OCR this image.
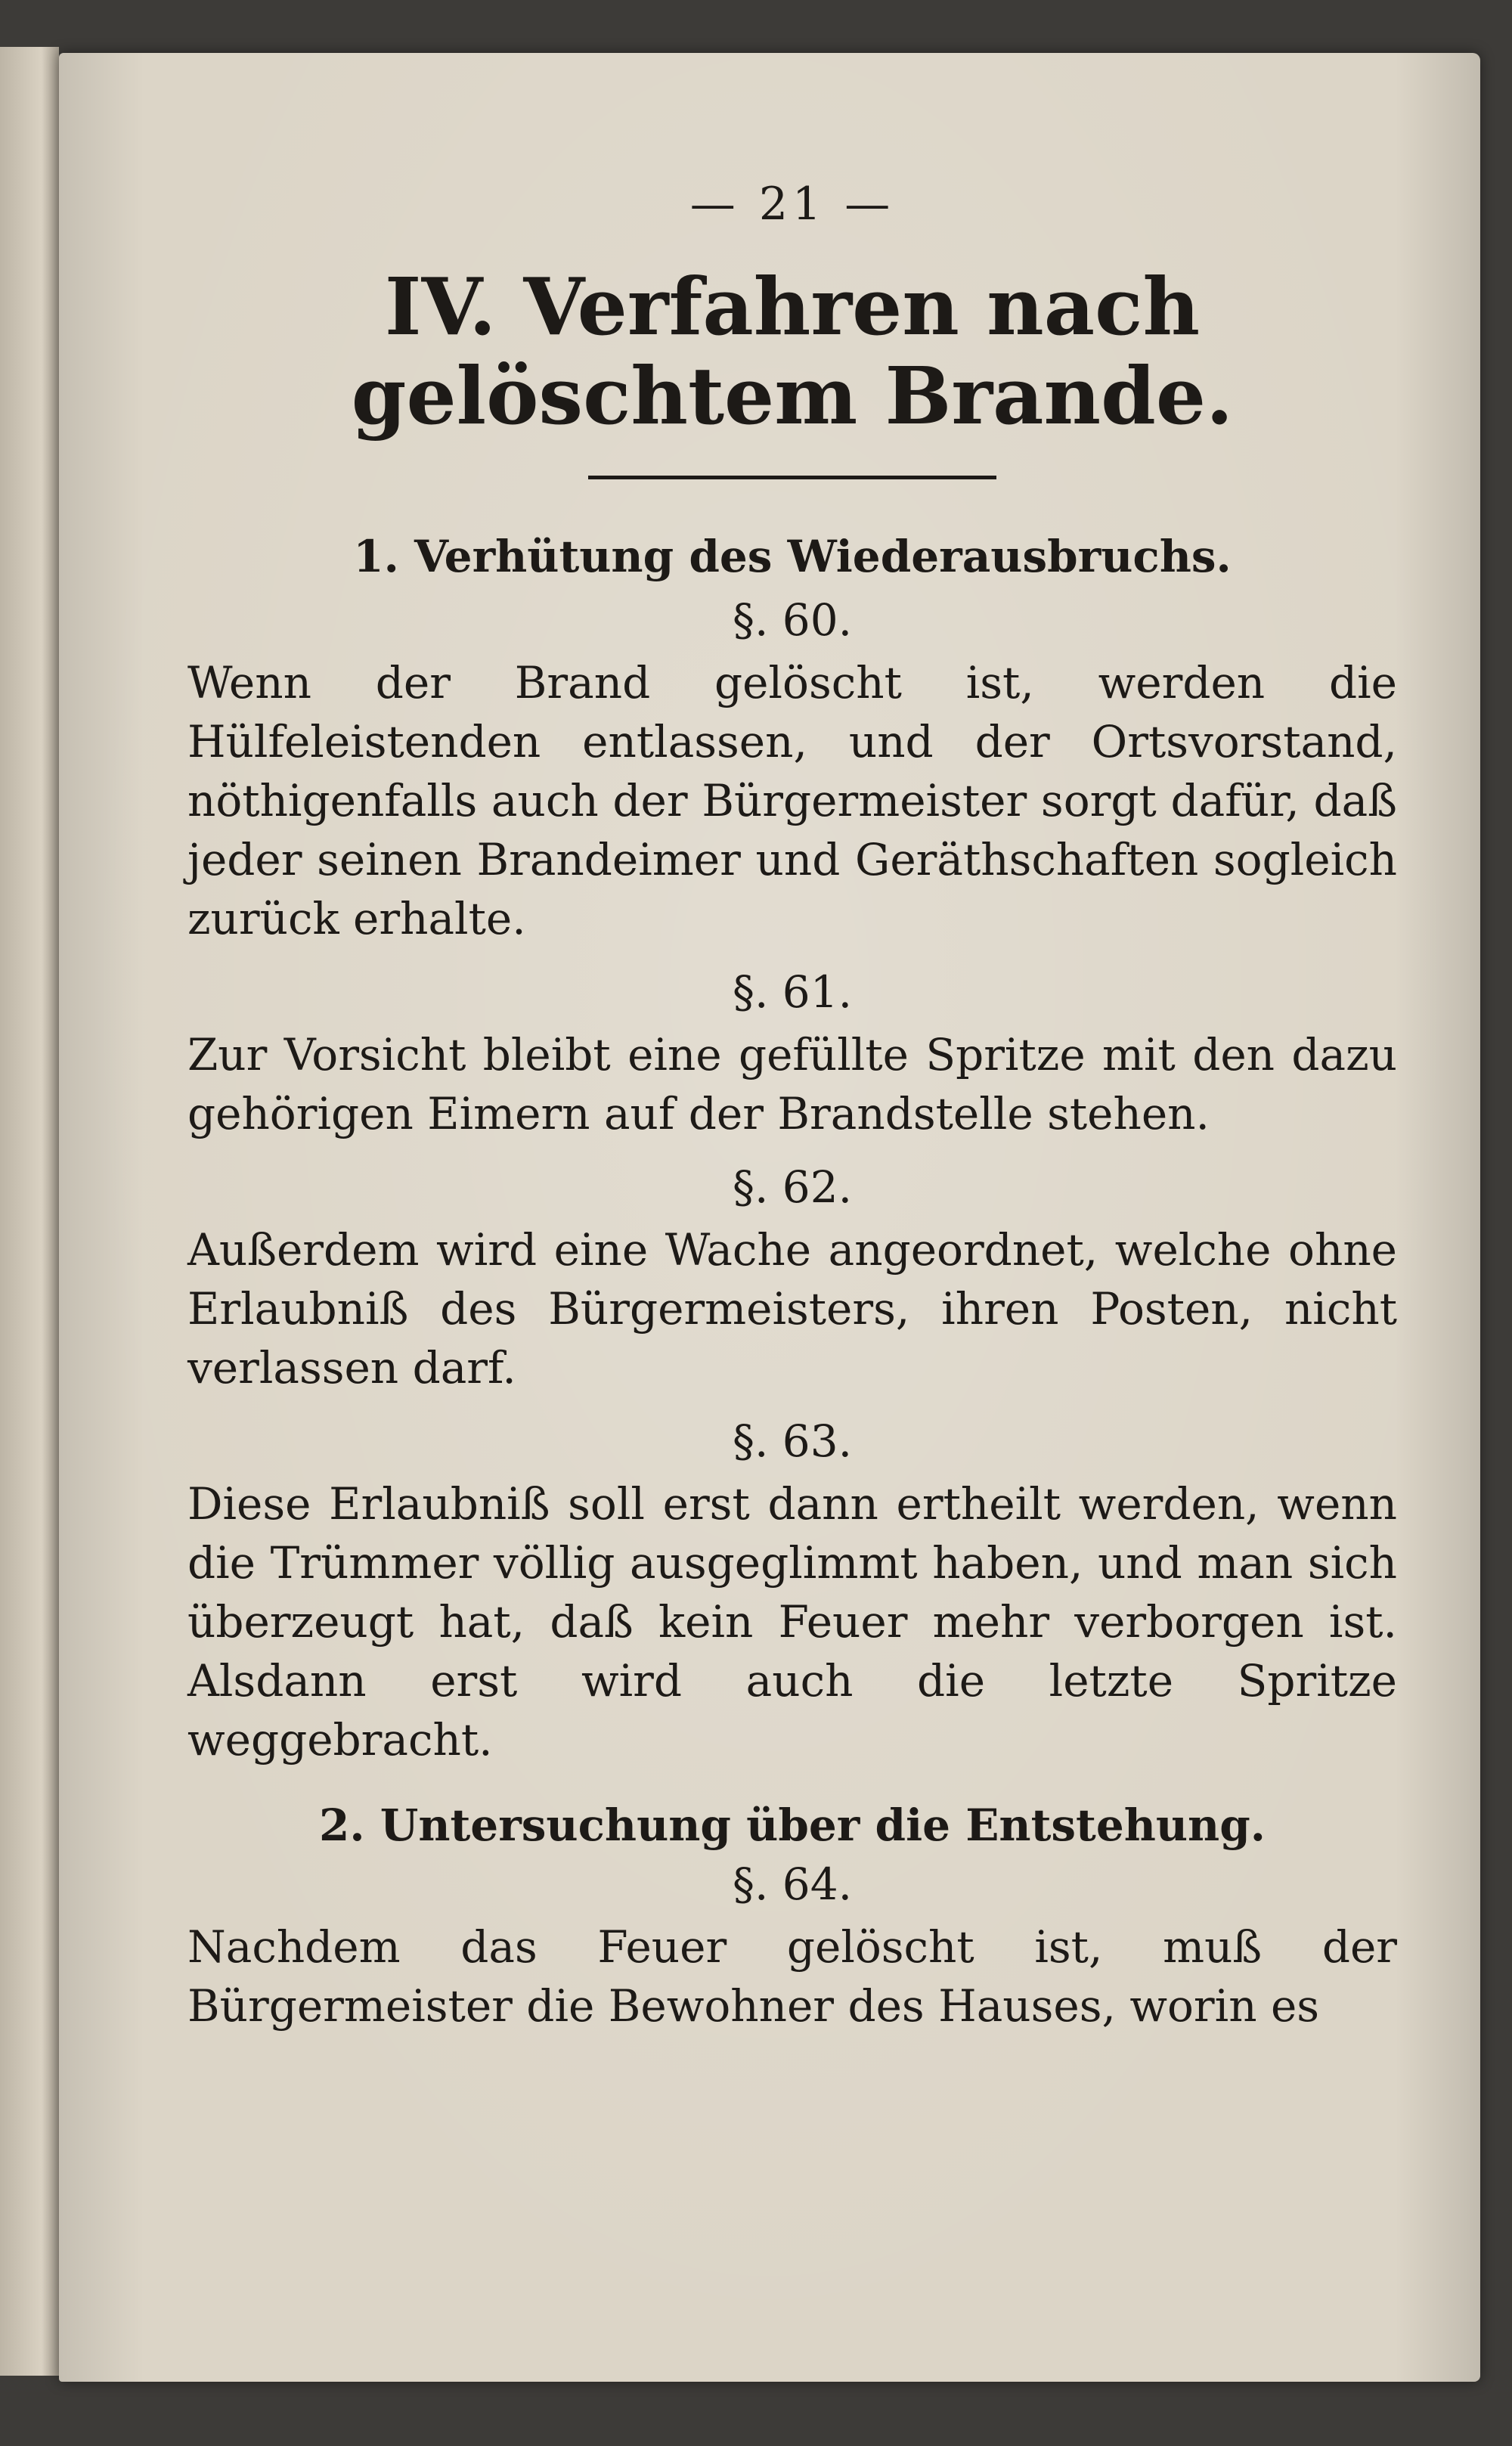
— 21 —
IV. Verfahren nach gelöschtem Brande.
1. Verhütung des Wiederausbruchs.
§. 60.

Wenn der Brand gelöscht ist, werden die Hülfeleistenden entlassen, und der Ortsvorstand, nöthigenfalls auch der Bürgermeister sorgt dafür, daß jeder seinen Brandeimer und Geräthschaften sogleich zurück erhalte.

§. 61.

Zur Vorsicht bleibt eine gefüllte Spritze mit den dazu gehörigen Eimern auf der Brandstelle stehen.

§. 62.

Außerdem wird eine Wache angeordnet, welche ohne Erlaubniß des Bürgermeisters, ihren Posten, nicht verlassen darf.

§. 63.

Diese Erlaubniß soll erst dann ertheilt werden, wenn die Trümmer völlig ausgeglimmt haben, und man sich überzeugt hat, daß kein Feuer mehr verborgen ist. Alsdann erst wird auch die letzte Spritze weggebracht.

2. Untersuchung über die Entstehung.
§. 64.

Nachdem das Feuer gelöscht ist, muß der Bürgermeister die Bewohner des Hauses, worin es
